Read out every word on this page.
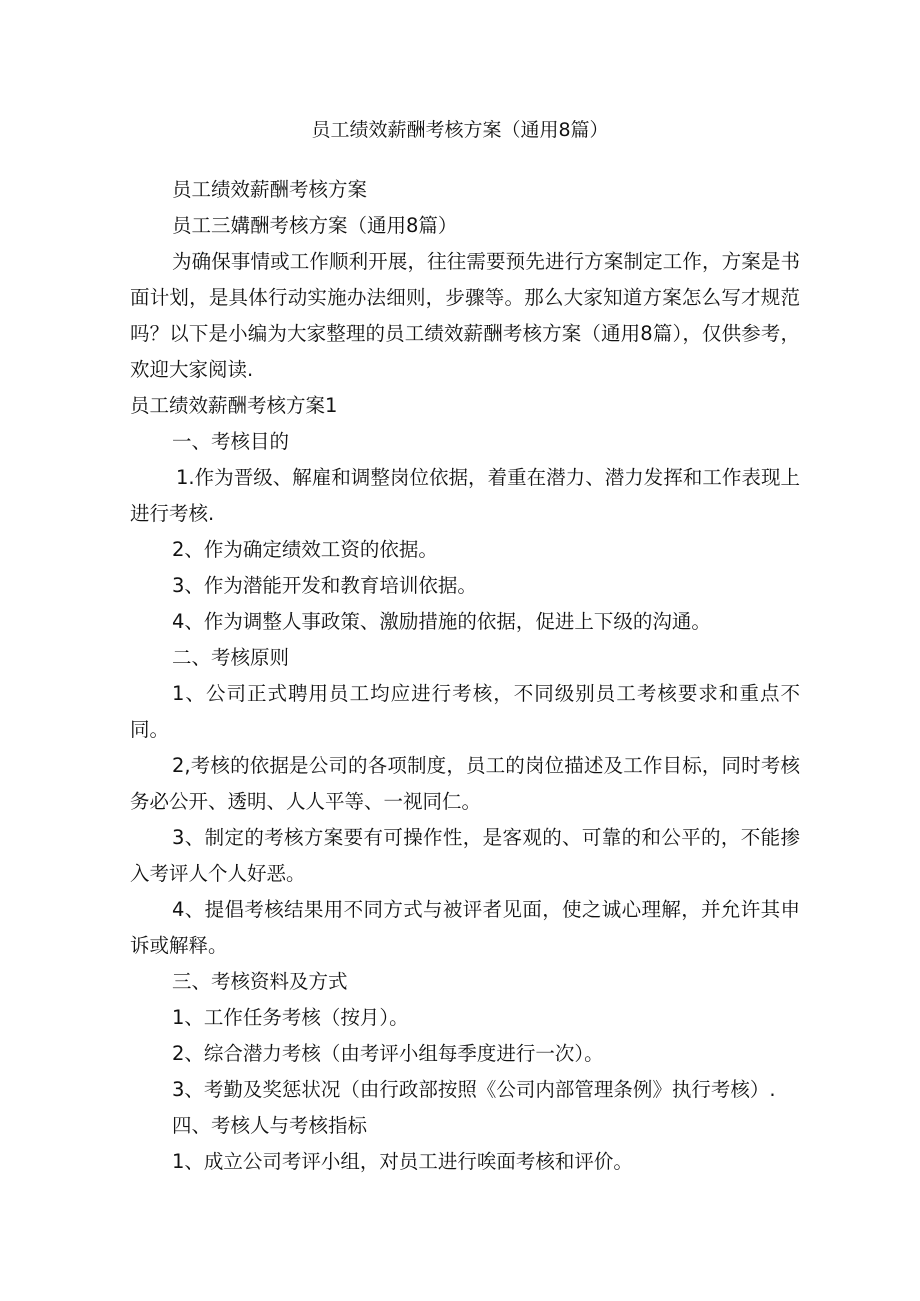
员工绩效薪酬考核方案（通用8篇）

员工绩效薪酬考核方案

员工三媾酬考核方案（通用8篇）

为确保事情或工作顺利开展，往往需要预先进行方案制定工作，方案是书面计划，是具体行动实施办法细则，步骤等。那么大家知道方案怎么写才规范吗？以下是小编为大家整理的员工绩效薪酬考核方案（通用8篇），仅供参考，欢迎大家阅读.

员工绩效薪酬考核方案1

一、考核目的

1.作为晋级、解雇和调整岗位依据，着重在潜力、潜力发挥和工作表现上进行考核.

2、作为确定绩效工资的依据。

3、作为潜能开发和教育培训依据。

4、作为调整人事政策、激励措施的依据，促进上下级的沟通。

二、考核原则

1、公司正式聘用员工均应进行考核，不同级别员工考核要求和重点不同。

2,考核的依据是公司的各项制度，员工的岗位描述及工作目标，同时考核务必公开、透明、人人平等、一视同仁。

3、制定的考核方案要有可操作性，是客观的、可靠的和公平的，不能掺入考评人个人好恶。

4、提倡考核结果用不同方式与被评者见面，使之诚心理解，并允许其申诉或解释。

三、考核资料及方式

1、工作任务考核（按月）。

2、综合潜力考核（由考评小组每季度进行一次）。

3、考勤及奖惩状况（由行政部按照《公司内部管理条例》执行考核）.

四、考核人与考核指标

1、成立公司考评小组，对员工进行唉面考核和评价。
